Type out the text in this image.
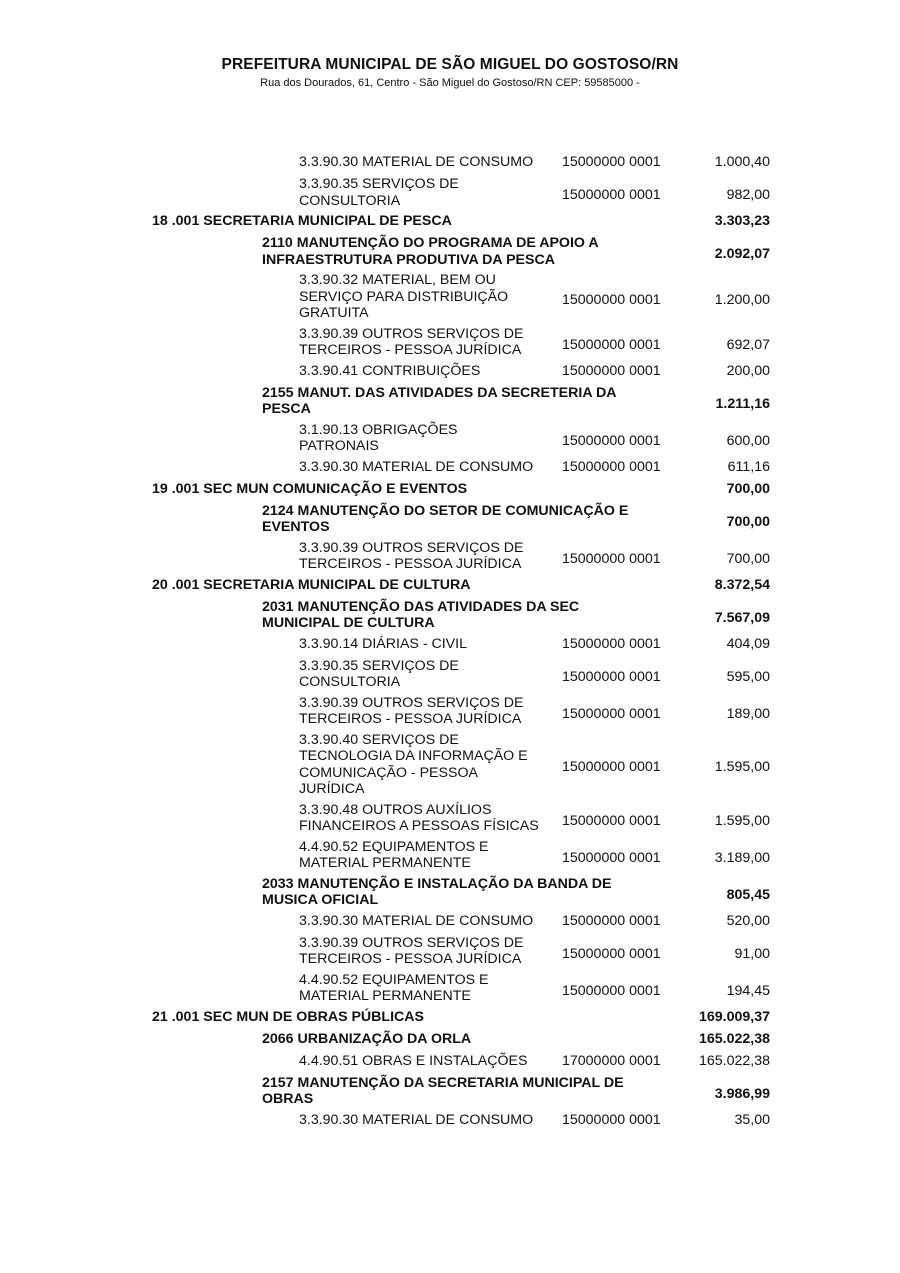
PREFEITURA MUNICIPAL DE SÃO MIGUEL DO GOSTOSO/RN
Rua dos Dourados, 61, Centro - São Miguel do Gostoso/RN CEP: 59585000 -
3.3.90.30 MATERIAL DE CONSUMO	15000000 0001	1.000,40
3.3.90.35 SERVIÇOS DE
CONSULTORIA	15000000 0001	982,00
18 .001 SECRETARIA MUNICIPAL DE PESCA	3.303,23
2110 MANUTENÇÃO DO PROGRAMA DE APOIO A
INFRAESTRUTURA PRODUTIVA DA PESCA	2.092,07
3.3.90.32 MATERIAL, BEM OU
SERVIÇO PARA DISTRIBUIÇÃO
GRATUITA
15000000 0001	1.200,00
3.3.90.39 OUTROS SERVIÇOS DE
TERCEIROS - PESSOA JURÍDICA	15000000 0001	692,07
3.3.90.41 CONTRIBUIÇÕES	15000000 0001	200,00
2155 MANUT. DAS ATIVIDADES DA SECRETERIA DA
PESCA	1.211,16
3.1.90.13 OBRIGAÇÕES
PATRONAIS	15000000 0001	600,00
3.3.90.30 MATERIAL DE CONSUMO	15000000 0001	611,16
19 .001 SEC MUN COMUNICAÇÃO E EVENTOS	700,00
2124 MANUTENÇÃO DO SETOR DE COMUNICAÇÃO E
EVENTOS	700,00
3.3.90.39 OUTROS SERVIÇOS DE
TERCEIROS - PESSOA JURÍDICA	15000000 0001	700,00
20 .001 SECRETARIA MUNICIPAL DE CULTURA	8.372,54
2031 MANUTENÇÃO DAS ATIVIDADES DA SEC
MUNICIPAL DE CULTURA	7.567,09
3.3.90.14 DIÁRIAS - CIVIL	15000000 0001	404,09
3.3.90.35 SERVIÇOS DE
CONSULTORIA	15000000 0001	595,00
3.3.90.39 OUTROS SERVIÇOS DE
TERCEIROS - PESSOA JURÍDICA	15000000 0001	189,00
3.3.90.40 SERVIÇOS DE
TECNOLOGIA DA INFORMAÇÃO E
COMUNICAÇÃO - PESSOA
JURÍDICA
15000000 0001	1.595,00
3.3.90.48 OUTROS AUXÍLIOS
FINANCEIROS A PESSOAS FÍSICAS	15000000 0001	1.595,00
4.4.90.52 EQUIPAMENTOS E
MATERIAL PERMANENTE	15000000 0001	3.189,00
2033 MANUTENÇÃO E INSTALAÇÃO DA BANDA DE
MUSICA OFICIAL	805,45
3.3.90.30 MATERIAL DE CONSUMO	15000000 0001	520,00
3.3.90.39 OUTROS SERVIÇOS DE
TERCEIROS - PESSOA JURÍDICA	15000000 0001	91,00
4.4.90.52 EQUIPAMENTOS E
MATERIAL PERMANENTE	15000000 0001	194,45
21 .001 SEC MUN DE OBRAS PÚBLICAS	169.009,37
2066 URBANIZAÇÃO DA ORLA	165.022,38
4.4.90.51 OBRAS E INSTALAÇÕES	17000000 0001	165.022,38
2157 MANUTENÇÃO DA SECRETARIA MUNICIPAL DE
OBRAS	3.986,99
3.3.90.30 MATERIAL DE CONSUMO	15000000 0001	35,00
